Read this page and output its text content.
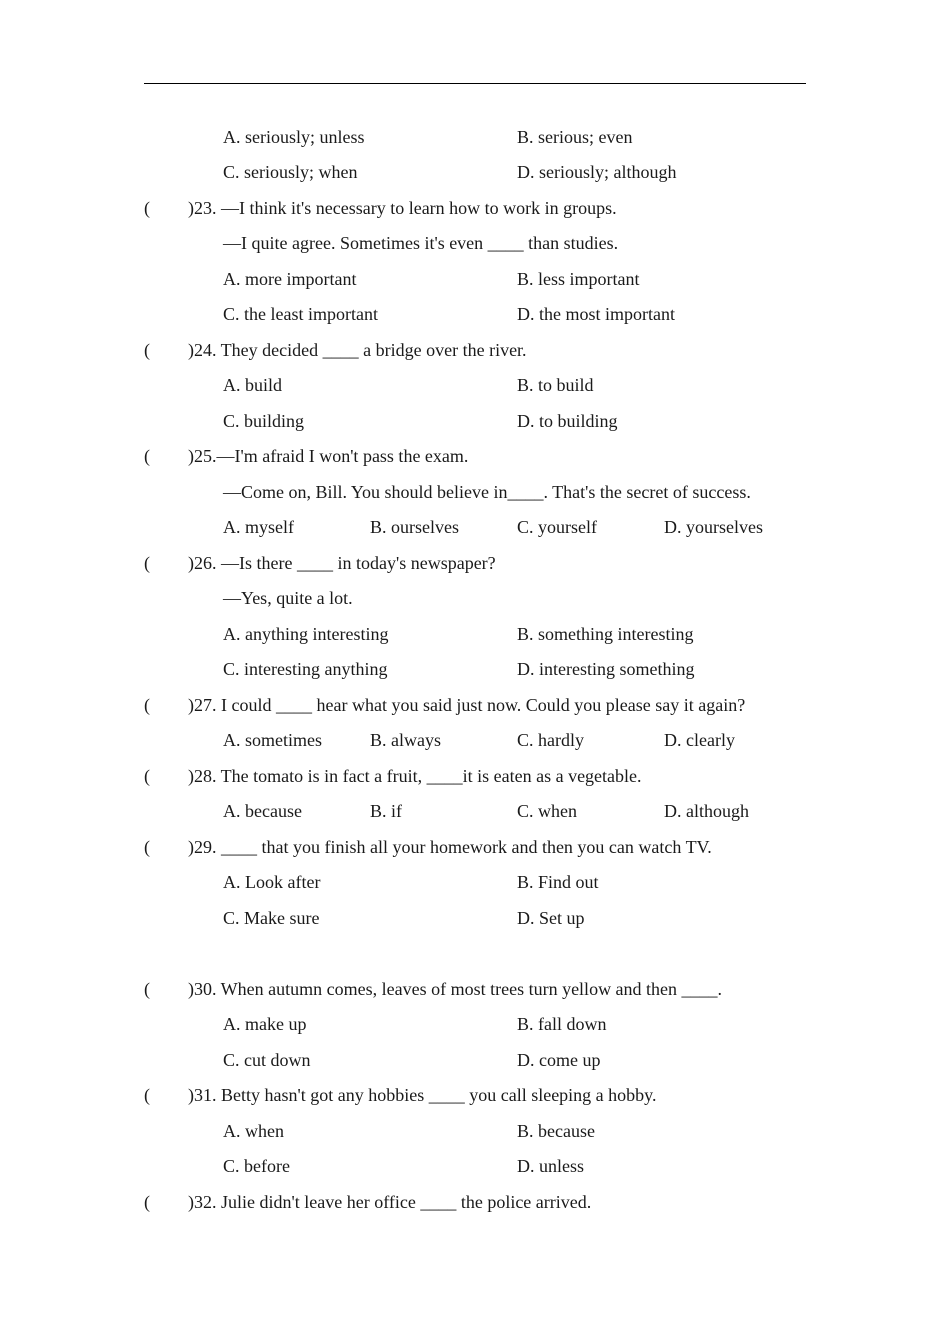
A. seriously; unless	B. serious; even
C. seriously; when	D. seriously; although
( )23. —I think it's necessary to learn how to work in groups.
—I quite agree. Sometimes it's even ____ than studies.
A. more important	B. less important
C. the least important	D. the most important
( )24. They decided ____ a bridge over the river.
A. build	B. to build
C. building	D. to building
( )25.—I'm afraid I won't pass the exam.
—Come on, Bill. You should believe in____. That's the secret of success.
A. myself	B. ourselves	C. yourself	D. yourselves
( )26. —Is there ____ in today's newspaper?
—Yes, quite a lot.
A. anything interesting	B. something interesting
C. interesting anything	D. interesting something
( )27. I could ____ hear what you said just now. Could you please say it again?
A. sometimes	B. always	C. hardly	D. clearly
( )28. The tomato is in fact a fruit, ____it is eaten as a vegetable.
A. because	B. if	C. when	D. although
( )29. ____ that you finish all your homework and then you can watch TV.
A. Look after	B. Find out
C. Make sure	D. Set up
( )30. When autumn comes, leaves of most trees turn yellow and then ____.
A. make up	B. fall down
C. cut down	D. come up
( )31. Betty hasn't got any hobbies ____ you call sleeping a hobby.
A. when	B. because
C. before	D. unless
( )32. Julie didn't leave her office ____ the police arrived.
